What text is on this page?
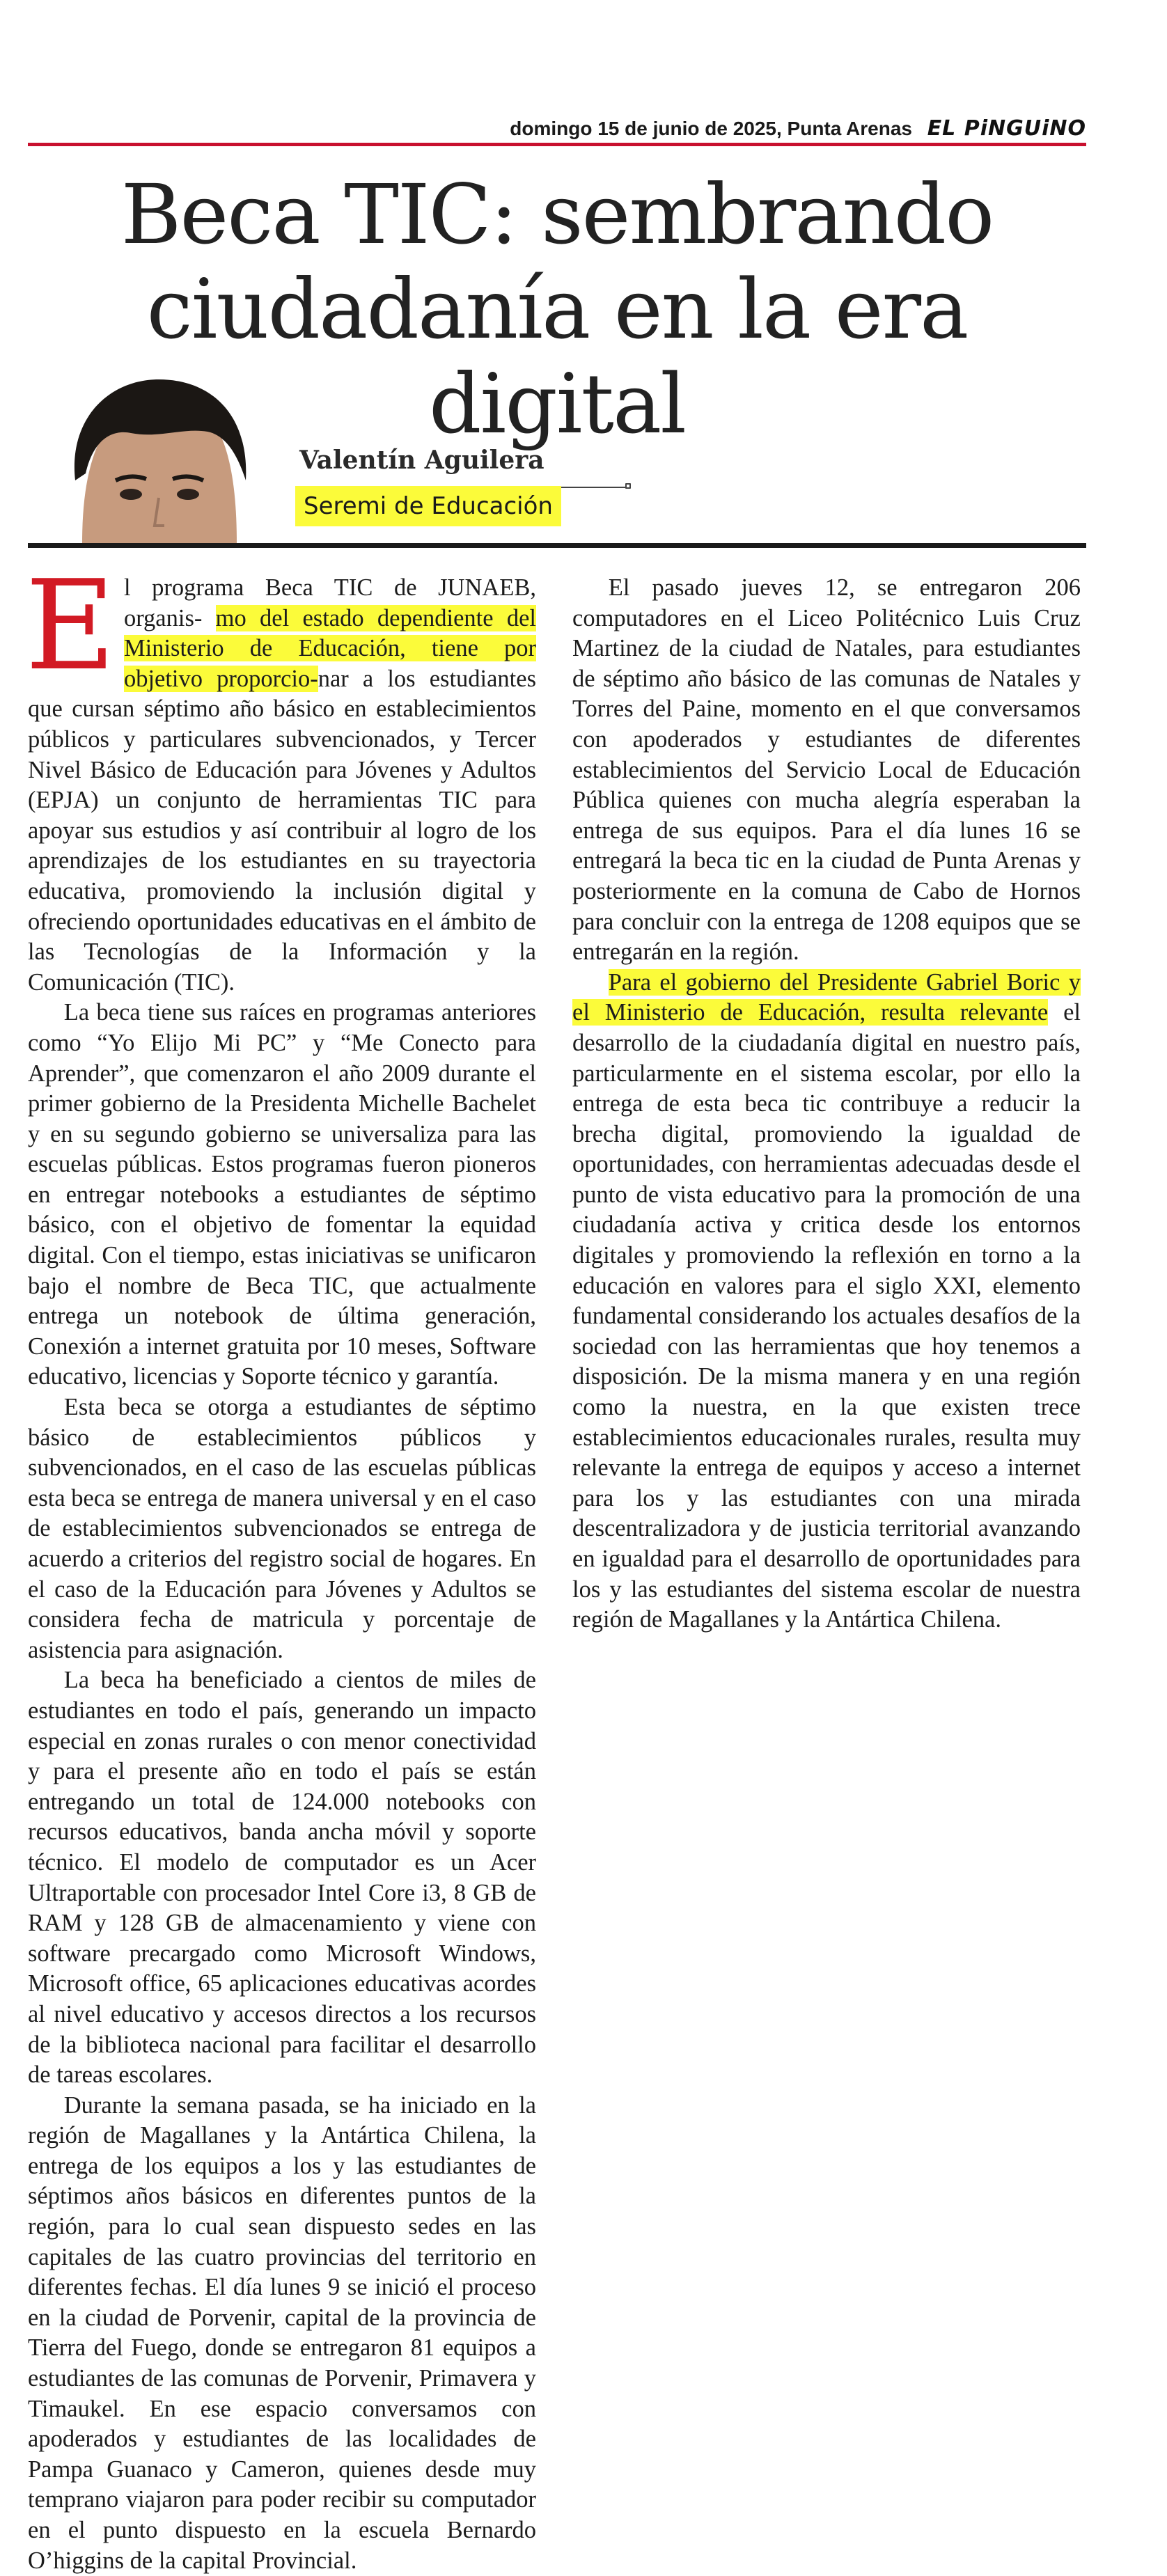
domingo 15 de junio de 2025, Punta Arenas EL PiNGUiNO
Beca TIC: sembrando
ciudadanía en la era digital
Valentín Aguilera
Seremi de Educación

El programa Beca TIC de JUNAEB, organis- mo del estado dependiente del Ministerio de Educación, tiene por objetivo proporcio-nar a los estudiantes que cursan séptimo año básico en establecimientos públicos y particulares subvencionados, y Tercer Nivel Básico de Educación para Jóvenes y Adultos (EPJA) un conjunto de herramientas TIC para apoyar sus estudios y así contribuir al logro de los aprendizajes de los estudiantes en su trayectoria educativa, promoviendo la inclusión digital y ofreciendo oportunidades educativas en el ámbito de las Tecnologías de la Información y la Comunicación (TIC).

La beca tiene sus raíces en programas anteriores como “Yo Elijo Mi PC” y “Me Conecto para Aprender”, que comenzaron el año 2009 durante el primer gobierno de la Presidenta Michelle Bachelet y en su segundo gobierno se universaliza para las escuelas públicas. Estos programas fueron pioneros en entregar notebooks a estudiantes de séptimo básico, con el objetivo de fomentar la equidad digital. Con el tiempo, estas iniciativas se unificaron bajo el nombre de Beca TIC, que actualmente entrega un notebook de última generación, Conexión a internet gratuita por 10 meses, Software educativo, licencias y Soporte técnico y garantía.

Esta beca se otorga a estudiantes de séptimo básico de establecimientos públicos y subvencionados, en el caso de las escuelas públicas esta beca se entrega de manera universal y en el caso de establecimientos subvencionados se entrega de acuerdo a criterios del registro social de hogares. En el caso de la Educación para Jóvenes y Adultos se considera fecha de matricula y porcentaje de asistencia para asignación.

La beca ha beneficiado a cientos de miles de estudiantes en todo el país, generando un impacto especial en zonas rurales o con menor conectividad y para el presente año en todo el país se están entregando un total de 124.000 notebooks con recursos educativos, banda ancha móvil y soporte técnico. El modelo de computador es un Acer Ultraportable con procesador Intel Core i3, 8 GB de RAM y 128 GB de almacenamiento y viene con software precargado como Microsoft Windows, Microsoft office, 65 aplicaciones educativas acordes al nivel educativo y accesos directos a los recursos de la biblioteca nacional para facilitar el desarrollo de tareas escolares.

Durante la semana pasada, se ha iniciado en la región de Magallanes y la Antártica Chilena, la entrega de los equipos a los y las estudiantes de séptimos años básicos en diferentes puntos de la región, para lo cual sean dispuesto sedes en las capitales de las cuatro provincias del territorio en diferentes fechas. El día lunes 9 se inició el proceso en la ciudad de Porvenir, capital de la provincia de Tierra del Fuego, donde se entregaron 81 equipos a estudiantes de las comunas de Porvenir, Primavera y Timaukel. En ese espacio conversamos con apoderados y estudiantes de las localidades de Pampa Guanaco y Cameron, quienes desde muy temprano viajaron para poder recibir su computador en el punto dispuesto en la escuela Bernardo O’higgins de la capital Provincial.

El pasado jueves 12, se entregaron 206 computadores en el Liceo Politécnico Luis Cruz Martinez de la ciudad de Natales, para estudiantes de séptimo año básico de las comunas de Natales y Torres del Paine, momento en el que conversamos con apoderados y estudiantes de diferentes establecimientos del Servicio Local de Educación Pública quienes con mucha alegría esperaban la entrega de sus equipos. Para el día lunes 16 se entregará la beca tic en la ciudad de Punta Arenas y posteriormente en la comuna de Cabo de Hornos para concluir con la entrega de 1208 equipos que se entregarán en la región.

Para el gobierno del Presidente Gabriel Boric y el Ministerio de Educación, resulta relevante el desarrollo de la ciudadanía digital en nuestro país, particularmente en el sistema escolar, por ello la entrega de esta beca tic contribuye a reducir la brecha digital, promoviendo la igualdad de oportunidades, con herramientas adecuadas desde el punto de vista educativo para la promoción de una ciudadanía activa y critica desde los entornos digitales y promoviendo la reflexión en torno a la educación en valores para el siglo XXI, elemento fundamental considerando los actuales desafíos de la sociedad con las herramientas que hoy tenemos a disposición. De la misma manera y en una región como la nuestra, en la que existen trece establecimientos educacionales rurales, resulta muy relevante la entrega de equipos y acceso a internet para los y las estudiantes con una mirada descentralizadora y de justicia territorial avanzando en igualdad para el desarrollo de oportunidades para los y las estudiantes del sistema escolar de nuestra región de Magallanes y la Antártica Chilena.
